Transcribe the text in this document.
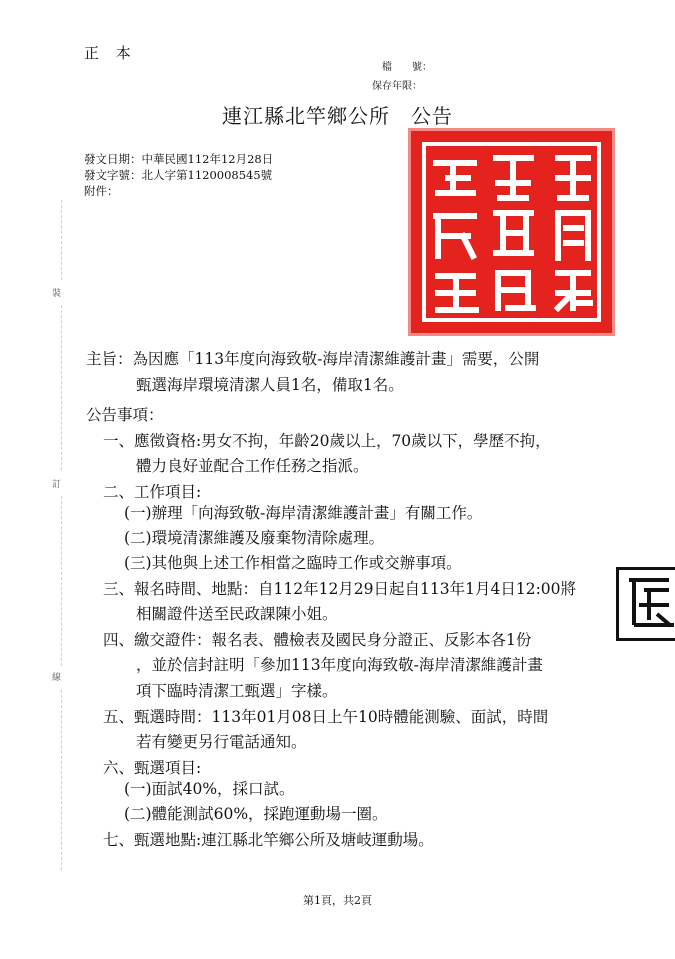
正 本
檔　　號：
保存年限：
連江縣北竿鄉公所　公告
發文日期：中華民國112年12月28日
發文字號：北人字第1120008545號
附件：
裝
訂
線
主旨：為因應「113年度向海致敬-海岸清潔維護計畫」需要，公開
甄選海岸環境清潔人員1名，備取1名。
公告事項：
一、應徵資格:男女不拘，年齡20歲以上，70歲以下，學歷不拘，
體力良好並配合工作任務之指派。
二、工作項目:
(一)辦理「向海致敬-海岸清潔維護計畫」有關工作。
(二)環境清潔維護及廢棄物清除處理。
(三)其他與上述工作相當之臨時工作或交辦事項。
三、報名時間、地點：自112年12月29日起自113年1月4日12:00將
相關證件送至民政課陳小姐。
四、繳交證件：報名表、體檢表及國民身分證正、反影本各1份
，並於信封註明「參加113年度向海致敬-海岸清潔維護計畫
項下臨時清潔工甄選」字樣。
五、甄選時間：113年01月08日上午10時體能測驗、面試，時間
若有變更另行電話通知。
六、甄選項目:
(一)面試40%，採口試。
(二)體能測試60%，採跑運動場一圈。
七、甄選地點:連江縣北竿鄉公所及塘岐運動場。
第1頁，共2頁
